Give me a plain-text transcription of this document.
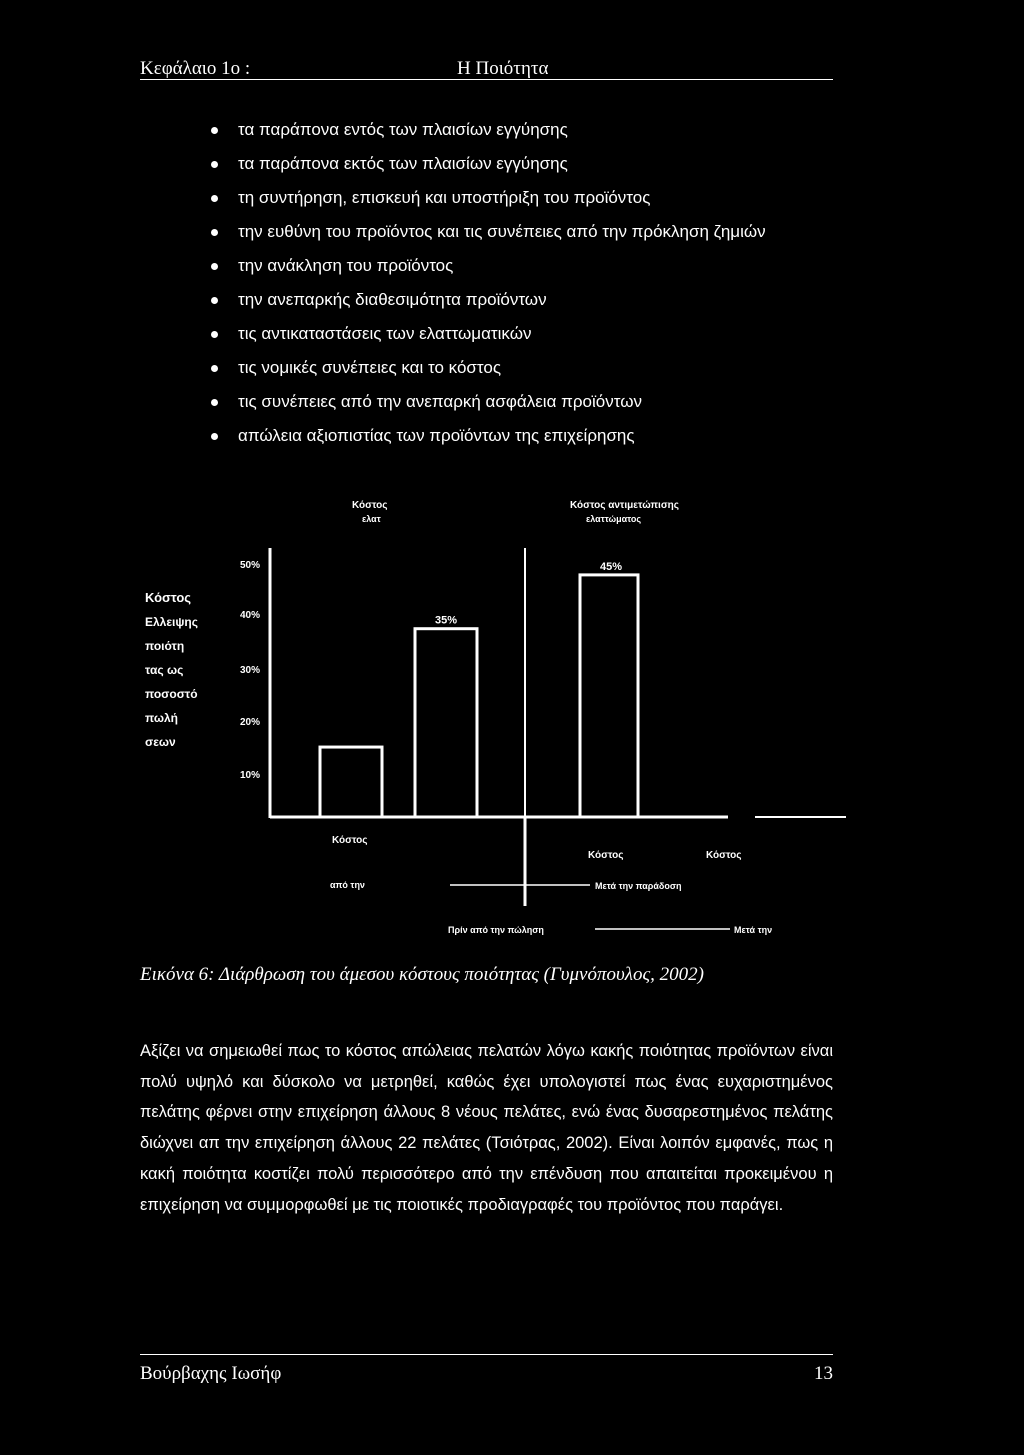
Κεφάλαιο 1ο :	Η Ποιότητα
τα παράπονα εντός των πλαισίων εγγύησης
τα παράπονα εκτός των πλαισίων εγγύησης
τη συντήρηση, επισκευή και υποστήριξη του προϊόντος
την ευθύνη του προϊόντος και τις συνέπειες από την πρόκληση ζημιών
την ανάκληση του προϊόντος
την ανεπαρκής διαθεσιμότητα προϊόντων
τις αντικαταστάσεις των ελαττωματικών
τις νομικές συνέπειες και το κόστος
τις συνέπειες από την ανεπαρκή ασφάλεια προϊόντων
απώλεια αξιοπιστίας των προϊόντων της επιχείρησης
50%
40%
30%
20%
10%
Κόστος
Ελλειψης
ποιότη
τας ως
ποσοστό
πωλή
σεων
Κόστος
ελατ
Κόστος αντιμετώπισης
ελαττώματος
35%
45%
Κόστος
από την
Κόστος	Κόστος
Μετά την παράδοση
Πρίν από την πώληση	Μετά την
Εικόνα 6: Διάρθρωση του άμεσου κόστους ποιότητας (Γυμνόπουλος, 2002)
Αξίζει να σημειωθεί πως το κόστος απώλειας πελατών λόγω κακής ποιότητας προϊόντων είναι πολύ υψηλό και δύσκολο να μετρηθεί, καθώς έχει υπολογιστεί πως ένας ευχαριστημένος πελάτης φέρνει στην επιχείρηση άλλους 8 νέους πελάτες, ενώ ένας δυσαρεστημένος πελάτης διώχνει απ την επιχείρηση άλλους 22 πελάτες (Τσιότρας, 2002). Είναι λοιπόν εμφανές, πως η κακή ποιότητα κοστίζει πολύ περισσότερο από την επένδυση που απαιτείται προκειμένου η επιχείρηση να συμμορφωθεί με τις ποιοτικές προδιαγραφές του προϊόντος που παράγει.
Βούρβαχης Ιωσήφ	13
